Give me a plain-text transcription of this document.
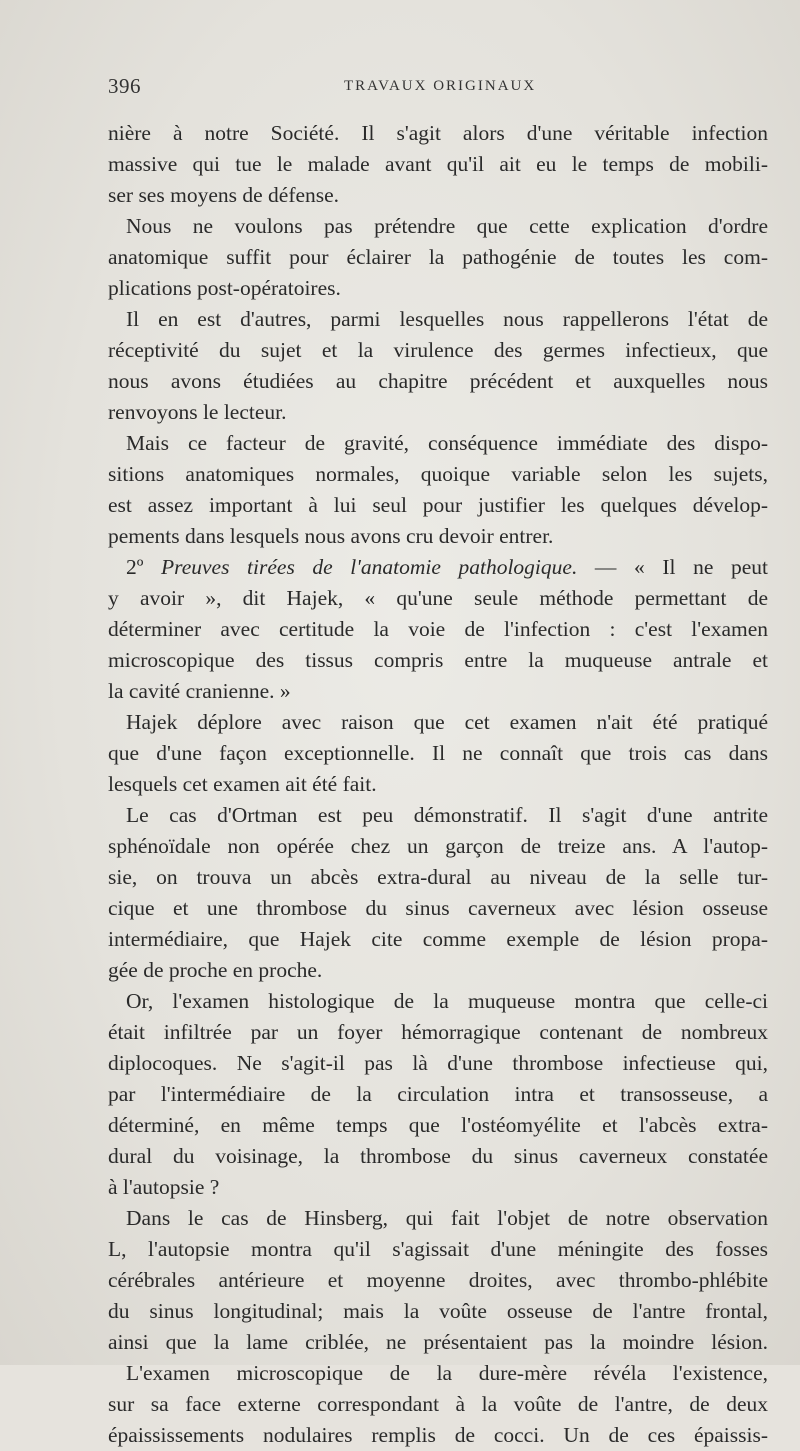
396	TRAVAUX ORIGINAUX
nière à notre Société. Il s'agit alors d'une véritable infection
massive qui tue le malade avant qu'il ait eu le temps de mobili-
ser ses moyens de défense.
Nous ne voulons pas prétendre que cette explication d'ordre
anatomique suffit pour éclairer la pathogénie de toutes les com-
plications post-opératoires.
Il en est d'autres, parmi lesquelles nous rappellerons l'état de
réceptivité du sujet et la virulence des germes infectieux, que
nous avons étudiées au chapitre précédent et auxquelles nous
renvoyons le lecteur.
Mais ce facteur de gravité, conséquence immédiate des dispo-
sitions anatomiques normales, quoique variable selon les sujets,
est assez important à lui seul pour justifier les quelques dévelop-
pements dans lesquels nous avons cru devoir entrer.
2º Preuves tirées de l'anatomie pathologique. — « Il ne peut
y avoir », dit Hajek, « qu'une seule méthode permettant de
déterminer avec certitude la voie de l'infection : c'est l'examen
microscopique des tissus compris entre la muqueuse antrale et
la cavité cranienne. »
Hajek déplore avec raison que cet examen n'ait été pratiqué
que d'une façon exceptionnelle. Il ne connaît que trois cas dans
lesquels cet examen ait été fait.
Le cas d'Ortman est peu démonstratif. Il s'agit d'une antrite
sphénoïdale non opérée chez un garçon de treize ans. A l'autop-
sie, on trouva un abcès extra-dural au niveau de la selle tur-
cique et une thrombose du sinus caverneux avec lésion osseuse
intermédiaire, que Hajek cite comme exemple de lésion propa-
gée de proche en proche.
Or, l'examen histologique de la muqueuse montra que celle-ci
était infiltrée par un foyer hémorragique contenant de nombreux
diplocoques. Ne s'agit-il pas là d'une thrombose infectieuse qui,
par l'intermédiaire de la circulation intra et transosseuse, a
déterminé, en même temps que l'ostéomyélite et l'abcès extra-
dural du voisinage, la thrombose du sinus caverneux constatée
à l'autopsie ?
Dans le cas de Hinsberg, qui fait l'objet de notre observation
L, l'autopsie montra qu'il s'agissait d'une méningite des fosses
cérébrales antérieure et moyenne droites, avec thrombo-phlébite
du sinus longitudinal; mais la voûte osseuse de l'antre frontal,
ainsi que la lame criblée, ne présentaient pas la moindre lésion.
L'examen microscopique de la dure-mère révéla l'existence,
sur sa face externe correspondant à la voûte de l'antre, de deux
épaississements nodulaires remplis de cocci. Un de ces épaissis-
